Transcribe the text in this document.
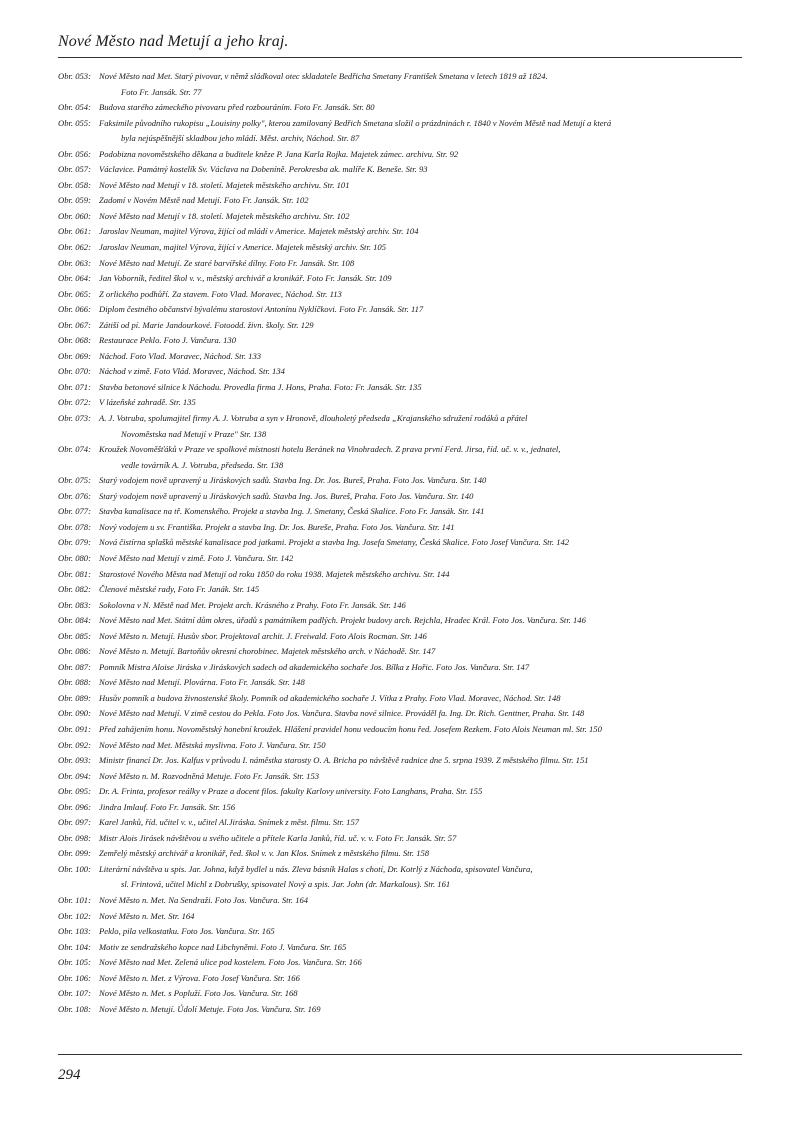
Nové Město nad Metují a jeho kraj.
Obr. 053: Nové Město nad Met. Starý pivovar, v němž sládkoval otec skladatele Bedřicha Smetany František Smetana v letech 1819 až 1824.
Foto Fr. Jansák. Str. 77
Obr. 054: Budova starého zámeckého pivovaru před rozbouráním. Foto Fr. Jansák. Str. 80
Obr. 055: Faksimile původního rukopisu „Louisiny polky", kterou zamilovaný Bedřich Smetana složil o prázdninách r. 1840 v Novém Městě nad Metují a která
byla nejúspěšnější skladbou jeho mládí. Měst. archiv, Náchod. Str. 87
Obr. 056: Podobizna novoměstského děkana a buditele kněze P. Jana Karla Rojka. Majetek zámec. archivu. Str. 92
Obr. 057: Václavice. Památný kostelík Sv. Václava na Dobeníně. Perokresba ak. malíře K. Beneše. Str. 93
Obr. 058: Nové Město nad Metují v 18. století. Majetek městského archivu. Str. 101
Obr. 059: Zadomí v Novém Městě nad Metují. Foto Fr. Jansák. Str. 102
Obr. 060: Nové Město nad Metují v 18. století. Majetek městského archivu. Str. 102
Obr. 061: Jaroslav Neuman, majitel Výrova, žijící od mládí v Americe. Majetek městský archiv. Str. 104
Obr. 062: Jaroslav Neuman, majitel Výrova, žijící v Americe. Majetek městský archiv. Str. 105
Obr. 063: Nové Město nad Metují. Ze staré barvířské dílny. Foto Fr. Jansák. Str. 108
Obr. 064: Jan Voborník, ředitel škol v. v., městský archivář a kronikář. Foto Fr. Jansák. Str. 109
Obr. 065: Z orlického podhůří. Za stavem. Foto Vlad. Moravec, Náchod. Str. 113
Obr. 066: Diplom čestného občanství bývalému starostovi Antonínu Nyklíčkovi. Foto Fr. Jansák. Str. 117
Obr. 067: Zátiší od pí. Marie Jandourkové. Fotoodd. živn. školy. Str. 129
Obr. 068: Restaurace Peklo. Foto J. Vančura. 130
Obr. 069: Náchod. Foto Vlad. Moravec, Náchod. Str. 133
Obr. 070: Náchod v zimě. Foto Vlád. Moravec, Náchod. Str. 134
Obr. 071: Stavba betonové silnice k Náchodu. Provedla firma J. Hons, Praha. Foto: Fr. Jansák. Str. 135
Obr. 072: V lázeňské zahradě. Str. 135
Obr. 073: A. J. Votruba, spolumajitel firmy A. J. Votruba a syn v Hronově, dlouholetý předseda „Krajanského sdružení rodáků a přátel
Novoměstska nad Metují v Praze" Str. 138
Obr. 074: Kroužek Novoměšťáků v Praze ve spolkové místnosti hotelu Beránek na Vinohradech. Z prava první Ferd. Jirsa, říd. uč. v. v., jednatel,
vedle továrník A. J. Votruba, předseda. Str. 138
Obr. 075: Starý vodojem nově upravený u Jiráskových sadů. Stavba Ing. Dr. Jos. Bureš, Praha. Foto Jos. Vančura. Str. 140
Obr. 076: Starý vodojem nově upravený u Jiráskových sadů. Stavba Ing. Jos. Bureš, Praha. Foto Jos. Vančura. Str. 140
Obr. 077: Stavba kanalisace na tř. Komenského. Projekt a stavba Ing. J. Smetany, Česká Skalice. Foto Fr. Jansák. Str. 141
Obr. 078: Nový vodojem u sv. Františka. Projekt a stavba Ing. Dr. Jos. Bureše, Praha. Foto Jos. Vančura. Str. 141
Obr. 079: Nová čistírna splašků městské kanalisace pod jatkami. Projekt a stavba Ing. Josefa Smetany, Česká Skalice. Foto Josef Vančura. Str. 142
Obr. 080: Nové Město nad Metují v zimě. Foto J. Vančura. Str. 142
Obr. 081: Starostové Nového Města nad Metují od roku 1850 do roku 1938. Majetek městského archivu. Str. 144
Obr. 082: Členové městské rady, Foto Fr. Janák. Str. 145
Obr. 083: Sokolovna v N. Městě nad Met. Projekt arch. Krásného z Prahy. Foto Fr. Jansák. Str. 146
Obr. 084: Nové Město nad Met. Státní dům okres, úřadů s památníkem padlých. Projekt budovy arch. Rejchla, Hradec Král. Foto Jos. Vančura. Str. 146
Obr. 085: Nové Město n. Metují. Husův sbor. Projektoval archit. J. Freiwald. Foto Alois Rocman. Str. 146
Obr. 086: Nové Město n. Metují. Bartoňův okresní chorobinec. Majetek městského arch. v Náchodě. Str. 147
Obr. 087: Pomník Mistra Aloise Jiráska v Jiráskových sadech od akademického sochaře Jos. Bílka z Hořic. Foto Jos. Vančura. Str. 147
Obr. 088: Nové Město nad Metují. Plovárna. Foto Fr. Jansák. Str. 148
Obr. 089: Husův pomník a budova živnostenské školy. Pomník od akademického sochaře J. Vítka z Prahy. Foto Vlad. Moravec, Náchod. Str. 148
Obr. 090: Nové Město nad Metují. V zimě cestou do Pekla. Foto Jos. Vančura. Stavba nové silnice. Prováděl fa. Ing. Dr. Rich. Genttner, Praha. Str. 148
Obr. 091: Před zahájením honu. Novoměstský honební kroužek. Hlášení pravidel honu vedoucím honu řed. Josefem Rezkem. Foto Alois Neuman ml. Str. 150
Obr. 092: Nové Město nad Met. Městská myslivna. Foto J. Vančura. Str. 150
Obr. 093: Ministr financí Dr. Jos. Kalfus v průvodu I. náměstka starosty O. A. Bricha po návštěvě radnice dne 5. srpna 1939. Z městského filmu. Str. 151
Obr. 094: Nové Město n. M. Rozvodněná Metuje. Foto Fr. Jansák. Str. 153
Obr. 095: Dr. A. Frinta, profesor reálky v Praze a docent filos. fakulty Karlovy university. Foto Langhans, Praha. Str. 155
Obr. 096: Jindra Imlauf. Foto Fr. Jansák. Str. 156
Obr. 097: Karel Janků, říd. učitel v. v., učitel Al.Jiráska. Snímek z měst. filmu. Str. 157
Obr. 098: Mistr Alois Jirásek návštěvou u svého učitele a přítele Karla Janků, říd. uč. v. v. Foto Fr. Jansák. Str. 57
Obr. 099: Zemřelý městský archivář a kronikář, řed. škol v. v. Jan Klos. Snímek z městského filmu. Str. 158
Obr. 100: Literární návštěva u spis. Jar. Johna, když bydlel u nás. Zleva básník Halas s chotí, Dr. Kotrlý z Náchoda, spisovatel Vančura,
sl. Frintová, učitel Michl z Dobrušky, spisovatel Nový a spis. Jar. John (dr. Markalous). Str. 161
Obr. 101: Nové Město n. Met. Na Sendraži. Foto Jos. Vančura. Str. 164
Obr. 102: Nové Město n. Met. Str. 164
Obr. 103: Peklo, pila velkostatku. Foto Jos. Vančura. Str. 165
Obr. 104: Motiv ze sendražského kopce nad Libchyněmi. Foto J. Vančura. Str. 165
Obr. 105: Nové Město nad Met. Zelená ulice pod kostelem. Foto Jos. Vančura. Str. 166
Obr. 106: Nové Město n. Met. z Výrova. Foto Josef Vančura. Str. 166
Obr. 107: Nové Město n. Met. s Popluží. Foto Jos. Vančura. Str. 168
Obr. 108: Nové Město n. Metují. Údolí Metuje. Foto Jos. Vančura. Str. 169
294
